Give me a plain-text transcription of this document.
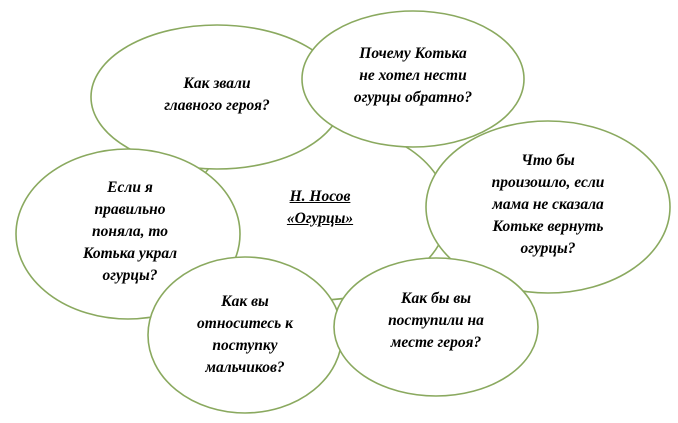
Н. Носов
«Огурцы»
Как звали
главного героя?
Почему Котька
не хотел нести
огурцы обратно?
Что бы
произошло, если
мама не сказала
Котьке вернуть
огурцы?
Если я
правильно
поняла, то
Котька украл
огурцы?
Как вы
относитесь к
поступку
мальчиков?
Как бы вы
поступили на
месте героя?
